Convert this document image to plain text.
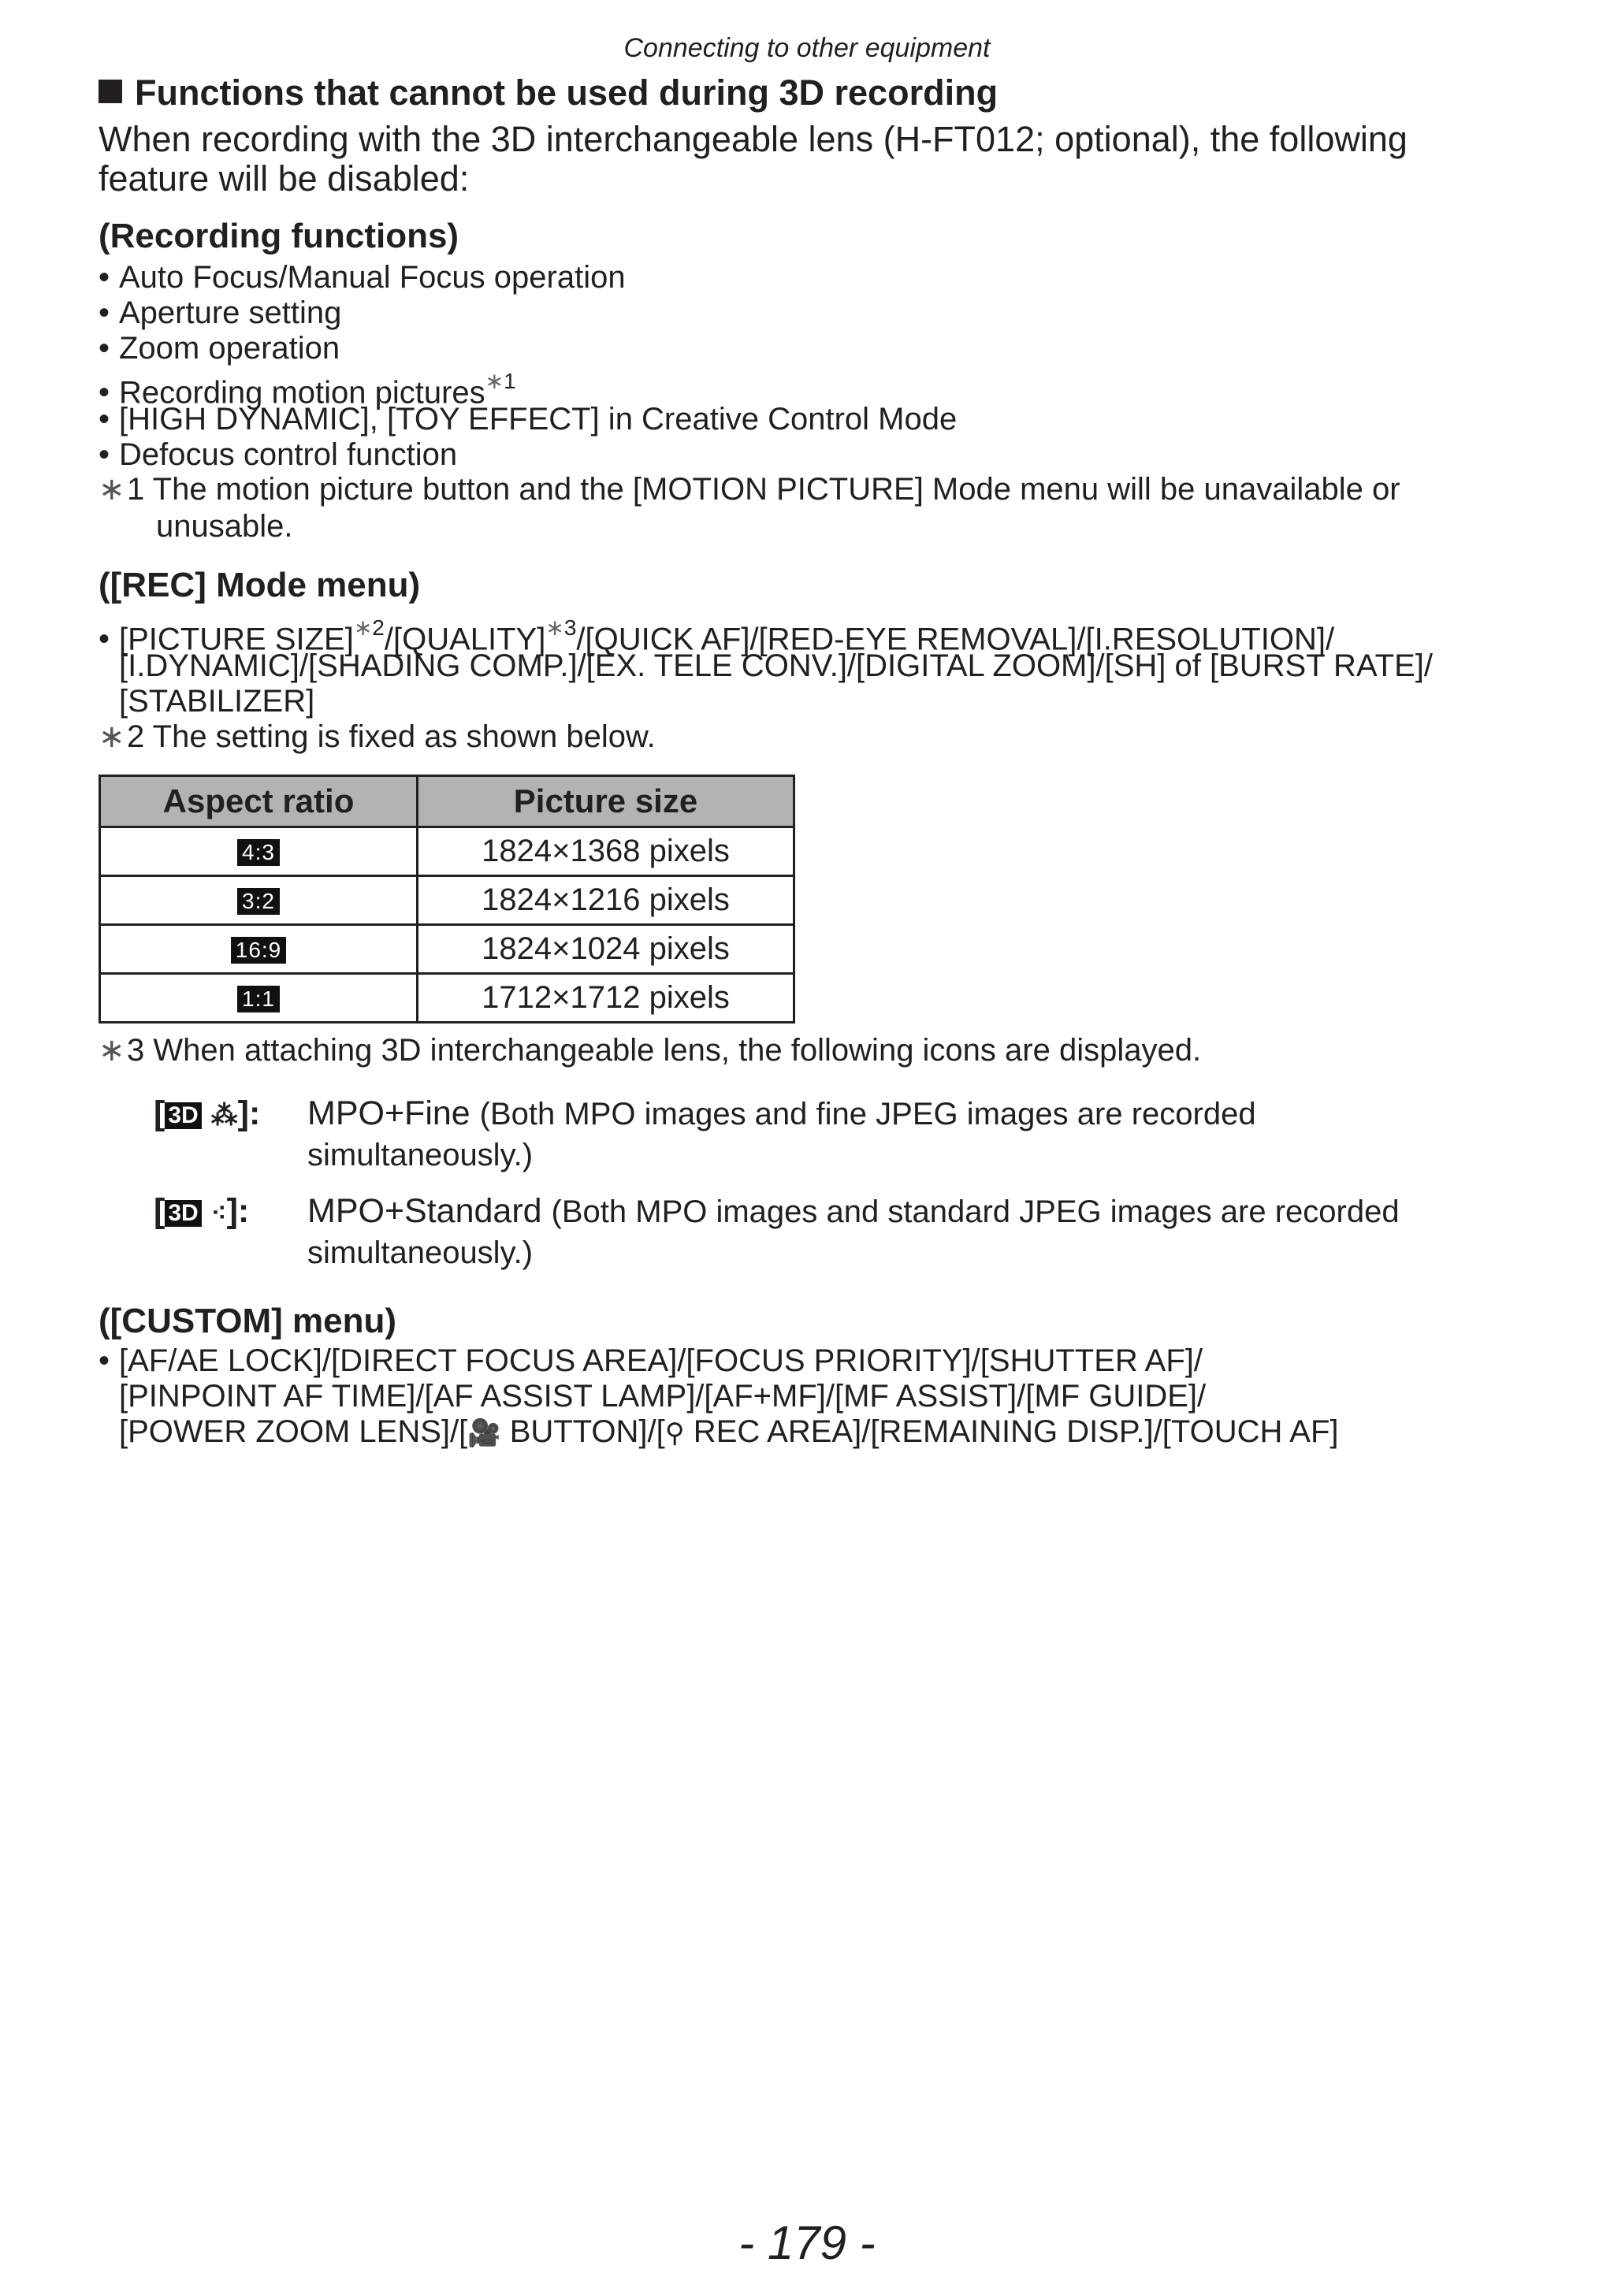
Connecting to other equipment
Functions that cannot be used during 3D recording
When recording with the 3D interchangeable lens (H-FT012; optional), the following
feature will be disabled:
(Recording functions)
• Auto Focus/Manual Focus operation
• Aperture setting
• Zoom operation
• Recording motion pictures$^{∗1}$
• [HIGH DYNAMIC], [TOY EFFECT] in Creative Control Mode
• Defocus control function
∗1 The motion picture button and the [MOTION PICTURE] Mode menu will be unavailable or
unusable.
([REC] Mode menu)
• [PICTURE SIZE]$^{∗2}$/[QUALITY]$^{∗3}$/[QUICK AF]/[RED-EYE REMOVAL]/[I.RESOLUTION]/
[I.DYNAMIC]/[SHADING COMP.]/[EX. TELE CONV.]/[DIGITAL ZOOM]/[SH] of [BURST RATE]/
[STABILIZER]
∗2 The setting is fixed as shown below.
Aspect ratio	Picture size
4:3	1824×1368 pixels
3:2	1824×1216 pixels
16:9	1824×1024 pixels
1:1	1712×1712 pixels
∗3 When attaching 3D interchangeable lens, the following icons are displayed.
[ 3D ⁂]: MPO+Fine (Both MPO images and fine JPEG images are recorded
simultaneously.)
[ 3D ⁖]: MPO+Standard (Both MPO images and standard JPEG images are recorded
simultaneously.)
([CUSTOM] menu)
• [AF/AE LOCK]/[DIRECT FOCUS AREA]/[FOCUS PRIORITY]/[SHUTTER AF]/
[PINPOINT AF TIME]/[AF ASSIST LAMP]/[AF+MF]/[MF ASSIST]/[MF GUIDE]/
[POWER ZOOM LENS]/[🎥 BUTTON]/[⚲ REC AREA]/[REMAINING DISP.]/[TOUCH AF]
- 179 -
